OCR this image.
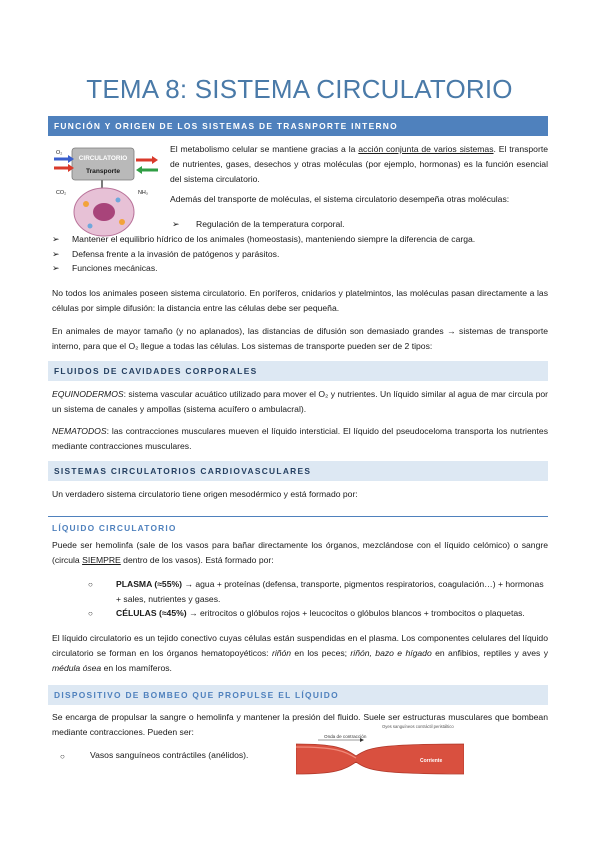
TEMA 8: SISTEMA CIRCULATORIO
FUNCIÓN Y ORIGEN DE LOS SISTEMAS DE TRASNPORTE INTERNO
CIRCULATORIO
Transporte
O₂
CO₂	NH₃
El metabolismo celular se mantiene gracias a la acción conjunta de varios sistemas. El transporte de nutrientes, gases, desechos y otras moléculas (por ejemplo, hormonas) es la función esencial del sistema circulatorio.
Además del transporte de moléculas, el sistema circulatorio desempeña otras moléculas:
➢ Regulación de la temperatura corporal.
➢ Mantener el equilibrio hídrico de los animales (homeostasis), manteniendo siempre la diferencia de carga.
➢ Defensa frente a la invasión de patógenos y parásitos.
➢ Funciones mecánicas.
No todos los animales poseen sistema circulatorio. En poríferos, cnidarios y platelmintos, las moléculas pasan directamente a las células por simple difusión: la distancia entre las células debe ser pequeña.
En animales de mayor tamaño (y no aplanados), las distancias de difusión son demasiado grandes → sistemas de transporte interno, para que el O₂ llegue a todas las células. Los sistemas de transporte pueden ser de 2 tipos:
FLUIDOS DE CAVIDADES CORPORALES
EQUINODERMOS: sistema vascular acuático utilizado para mover el O₂ y nutrientes. Un líquido similar al agua de mar circula por un sistema de canales y ampollas (sistema acuífero o ambulacral).
NEMATODOS: las contracciones musculares mueven el líquido intersticial. El líquido del pseudoceloma transporta los nutrientes mediante contracciones musculares.
SISTEMAS CIRCULATORIOS CARDIOVASCULARES
Un verdadero sistema circulatorio tiene origen mesodérmico y está formado por:
LÍQUIDO CIRCULATORIO
Puede ser hemolinfa (sale de los vasos para bañar directamente los órganos, mezclándose con el líquido celómico) o sangre (circula SIEMPRE dentro de los vasos). Está formado por:
○	PLASMA (≈55%) → agua + proteínas (defensa, transporte, pigmentos respiratorios, coagulación…) + hormonas + sales, nutrientes y gases.
○	CÉLULAS (≈45%) → eritrocitos o glóbulos rojos + leucocitos o glóbulos blancos + trombocitos o plaquetas.
El líquido circulatorio es un tejido conectivo cuyas células están suspendidas en el plasma. Los componentes celulares del líquido circulatorio se forman en los órganos hematopoyéticos: riñón en los peces; riñón, bazo e hígado en anfibios, reptiles y aves y médula ósea en los mamíferos.
DISPOSITIVO DE BOMBEO QUE PROPULSE EL LÍQUIDO
Se encarga de propulsar la sangre o hemolinfa y mantener la presión del fluido. Suele ser estructuras musculares que bombean mediante contracciones. Pueden ser:
○	Vasos sanguíneos contráctiles (anélidos).
Onda de contracción
Oyes sanguíneos contráctil peristáltico
Corriente
